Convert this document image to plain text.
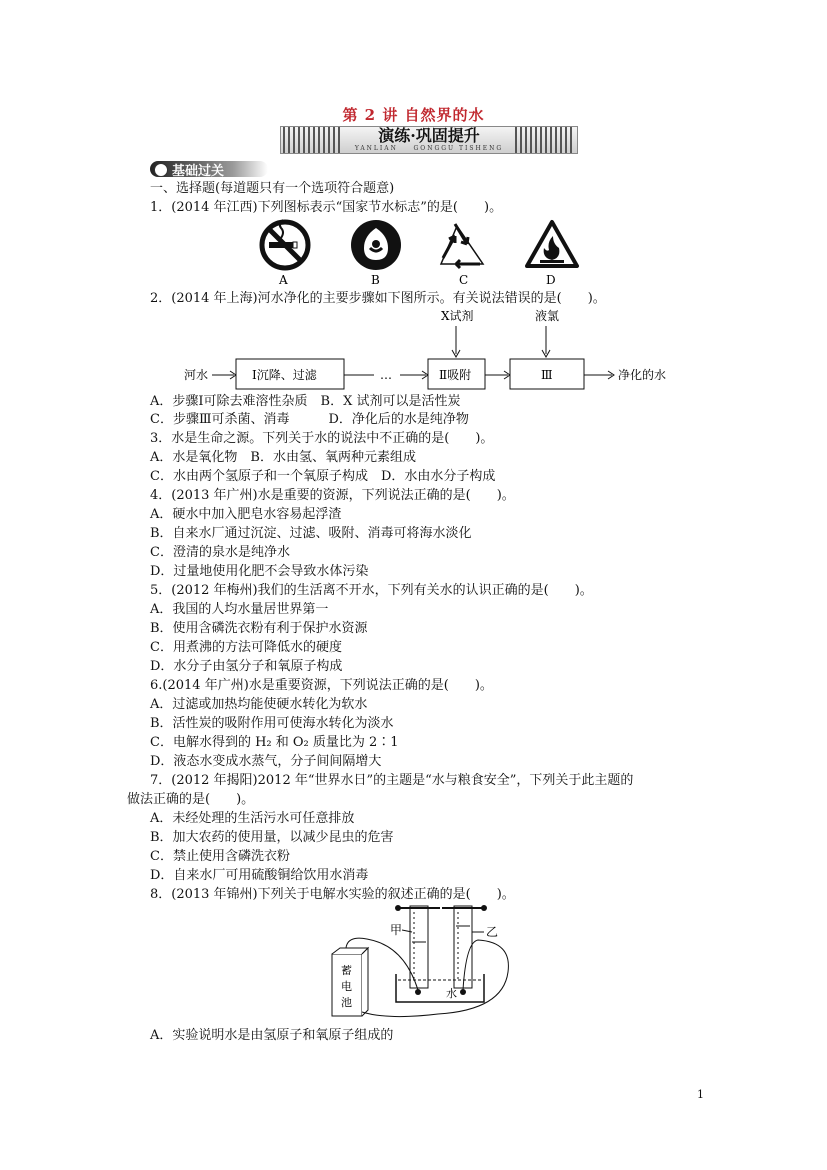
第 2 讲 自然界的水
演练·巩固提升
YANLIAN	GONGGU TISHENG
基础过关
一、选择题(每道题只有一个选项符合题意)
1．(2014 年江西)下列图标表示“国家节水标志”的是(　　)。
A	B	C	D
2．(2014 年上海)河水净化的主要步骤如下图所示。有关说法错误的是(　　)。
X试剂	液氯
河水	Ⅰ沉降、过滤	…	Ⅱ吸附	Ⅲ	净化的水
A．步骤Ⅰ可除去难溶性杂质　B．X 试剂可以是活性炭
C．步骤Ⅲ可杀菌、消毒　　　D．净化后的水是纯净物
3．水是生命之源。下列关于水的说法中不正确的是(　　)。
A．水是氧化物　B．水由氢、氧两种元素组成
C．水由两个氢原子和一个氧原子构成　D．水由水分子构成
4．(2013 年广州)水是重要的资源，下列说法正确的是(　　)。
A．硬水中加入肥皂水容易起浮渣
B．自来水厂通过沉淀、过滤、吸附、消毒可将海水淡化
C．澄清的泉水是纯净水
D．过量地使用化肥不会导致水体污染
5．(2012 年梅州)我们的生活离不开水，下列有关水的认识正确的是(　　)。
A．我国的人均水量居世界第一
B．使用含磷洗衣粉有利于保护水资源
C．用煮沸的方法可降低水的硬度
D．水分子由氢分子和氧原子构成
6.(2014 年广州)水是重要资源，下列说法正确的是(　　)。
A．过滤或加热均能使硬水转化为软水
B．活性炭的吸附作用可使海水转化为淡水
C．电解水得到的 H₂ 和 O₂ 质量比为 2∶1
D．液态水变成水蒸气，分子间间隔增大
7．(2012 年揭阳)2012 年“世界水日”的主题是“水与粮食安全”，下列关于此主题的
做法正确的是(　　)。
A．未经处理的生活污水可任意排放
B．加大农药的使用量，以减少昆虫的危害
C．禁止使用含磷洗衣粉
D．自来水厂可用硫酸铜给饮用水消毒
8．(2013 年锦州)下列关于电解水实验的叙述正确的是(　　)。
水
甲	乙
蓄
电
池
A．实验说明水是由氢原子和氧原子组成的
1
